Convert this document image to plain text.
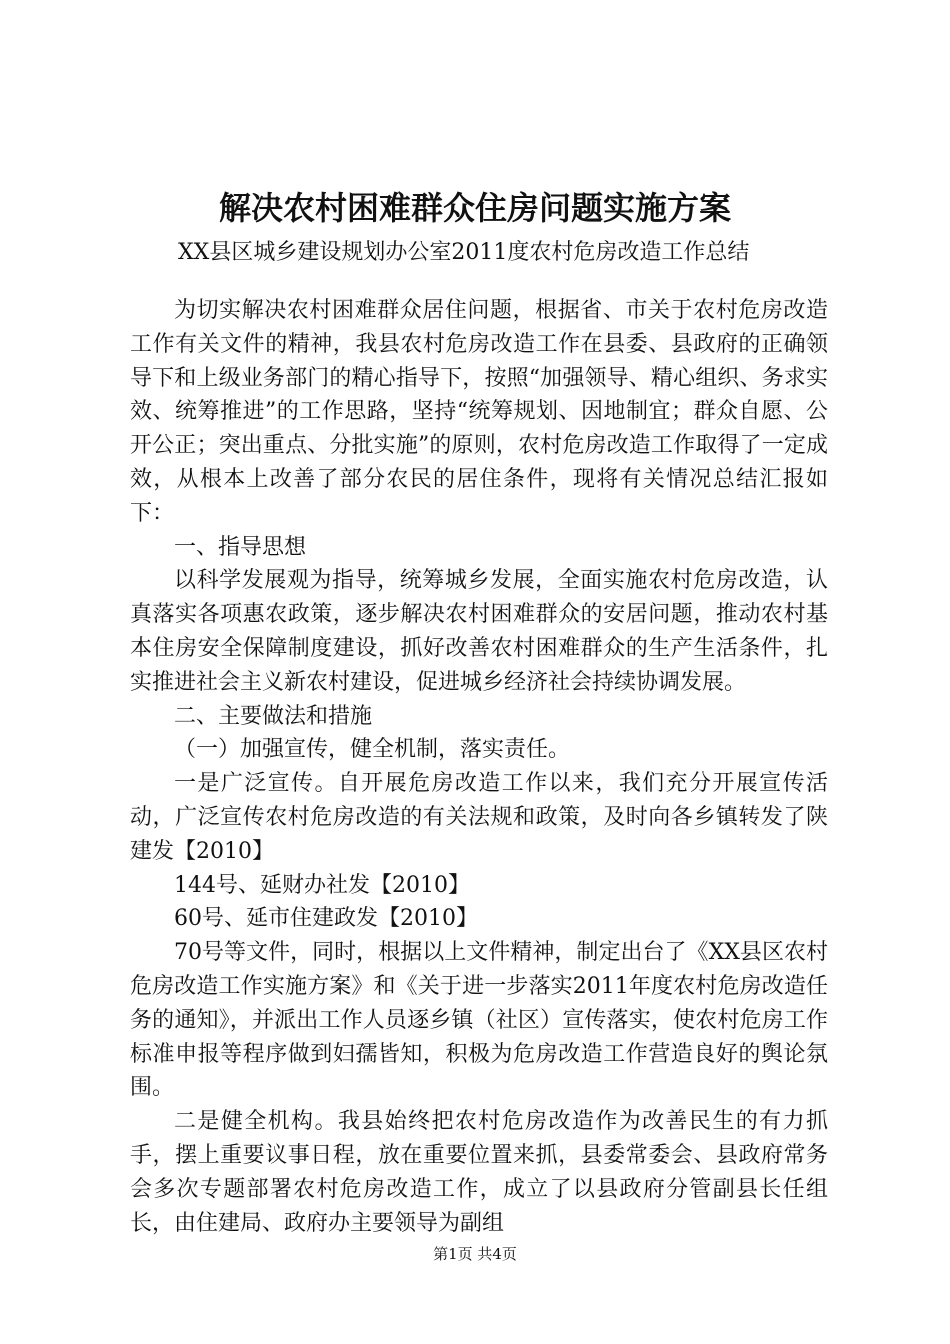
解决农村困难群众住房问题实施方案
XX县区城乡建设规划办公室2011度农村危房改造工作总结

为切实解决农村困难群众居住问题，根据省、市关于农村危房改造工作有关文件的精神，我县农村危房改造工作在县委、县政府的正确领导下和上级业务部门的精心指导下，按照“加强领导、精心组织、务求实效、统筹推进”的工作思路，坚持“统筹规划、因地制宜；群众自愿、公开公正；突出重点、分批实施”的原则，农村危房改造工作取得了一定成效，从根本上改善了部分农民的居住条件，现将有关情况总结汇报如下：

一、指导思想

以科学发展观为指导，统筹城乡发展，全面实施农村危房改造，认真落实各项惠农政策，逐步解决农村困难群众的安居问题，推动农村基本住房安全保障制度建设，抓好改善农村困难群众的生产生活条件，扎实推进社会主义新农村建设，促进城乡经济社会持续协调发展。

二、主要做法和措施

（一）加强宣传，健全机制，落实责任。

一是广泛宣传。自开展危房改造工作以来，我们充分开展宣传活动，广泛宣传农村危房改造的有关法规和政策，及时向各乡镇转发了陕建发【2010】

144号、延财办社发【2010】

60号、延市住建政发【2010】

70号等文件，同时，根据以上文件精神，制定出台了《XX县区农村危房改造工作实施方案》和《关于进一步落实2011年度农村危房改造任务的通知》，并派出工作人员逐乡镇（社区）宣传落实，使农村危房工作标准申报等程序做到妇孺皆知，积极为危房改造工作营造良好的舆论氛围。

二是健全机构。我县始终把农村危房改造作为改善民生的有力抓手，摆上重要议事日程，放在重要位置来抓，县委常委会、县政府常务会多次专题部署农村危房改造工作，成立了以县政府分管副县长任组长，由住建局、政府办主要领导为副组

第1页 共4页
